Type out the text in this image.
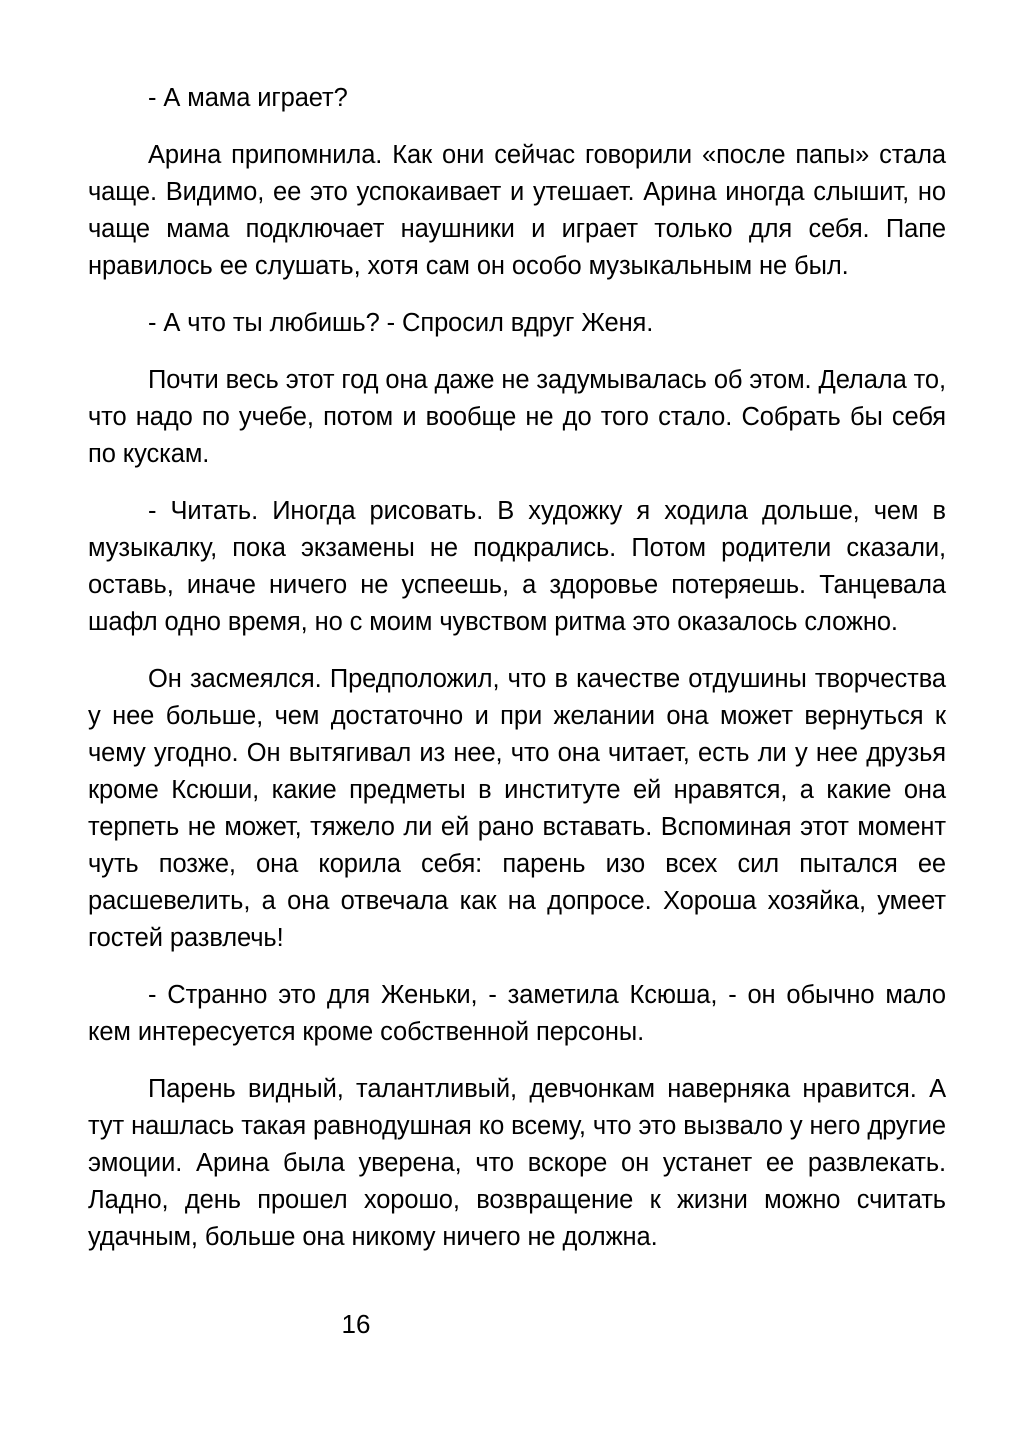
- А мама играет?

Арина припомнила. Как они сейчас говорили «после папы» стала чаще. Видимо, ее это успокаивает и утешает. Арина иногда слышит, но чаще мама подключает наушники и играет только для себя. Папе нравилось ее слушать, хотя сам он особо музыкальным не был.

- А что ты любишь? - Спросил вдруг Женя.

Почти весь этот год она даже не задумывалась об этом. Делала то, что надо по учебе, потом и вообще не до того стало. Собрать бы себя по кускам.

- Читать. Иногда рисовать. В художку я ходила дольше, чем в музыкалку, пока экзамены не подкрались. Потом родители сказали, оставь, иначе ничего не успеешь, а здоровье потеряешь. Танцевала шафл одно время, но с моим чувством ритма это оказалось сложно.

Он засмеялся. Предположил, что в качестве отдушины творчества у нее больше, чем достаточно и при желании она может вернуться к чему угодно. Он вытягивал из нее, что она читает, есть ли у нее друзья кроме Ксюши, какие предметы в институте ей нравятся, а какие она терпеть не может, тяжело ли ей рано вставать. Вспоминая этот момент чуть позже, она корила себя: парень изо всех сил пытался ее расшевелить, а она отвечала как на допросе. Хороша хозяйка, умеет гостей развлечь!

- Странно это для Женьки, - заметила Ксюша, - он обычно мало кем интересуется кроме собственной персоны.

Парень видный, талантливый, девчонкам наверняка нравится. А тут нашлась такая равнодушная ко всему, что это вызвало у него другие эмоции. Арина была уверена, что вскоре он устанет ее развлекать. Ладно, день прошел хорошо, возвращение к жизни можно считать удачным, больше она никому ничего не должна.

16
